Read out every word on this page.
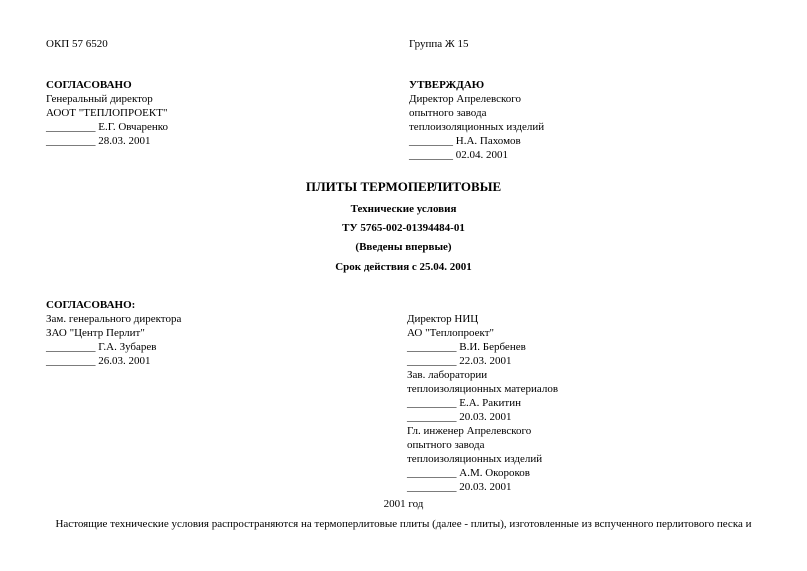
ОКП 57 6520	Группа Ж 15
СОГЛАСОВАНО
Генеральный директор
АООТ "ТЕПЛОПРОЕКТ"
_________ Е.Г. Овчаренко
_________ 28.03. 2001
УТВЕРЖДАЮ
Директор Апрелевского
опытного завода
теплоизоляционных изделий
________ Н.А. Пахомов
________ 02.04. 2001
ПЛИТЫ ТЕРМОПЕРЛИТОВЫЕ
Технические условия
ТУ 5765-002-01394484-01
(Введены впервые)
Срок действия с 25.04. 2001
СОГЛАСОВАНО:
Зам. генерального директора
ЗАО "Центр Перлит"
_________ Г.А. Зубарев
_________ 26.03. 2001
Директор НИЦ
АО "Теплопроект"
_________ В.И. Бербенев
_________ 22.03. 2001
Зав. лаборатории
теплоизоляционных материалов
_________ Е.А. Ракитин
_________ 20.03. 2001
Гл. инженер Апрелевского
опытного завода
теплоизоляционных изделий
_________ А.М. Окороков
_________ 20.03. 2001
2001 год
Настоящие технические условия распространяются на термоперлитовые плиты (далее - плиты), изготовленные из вспученного перлитового песка и
